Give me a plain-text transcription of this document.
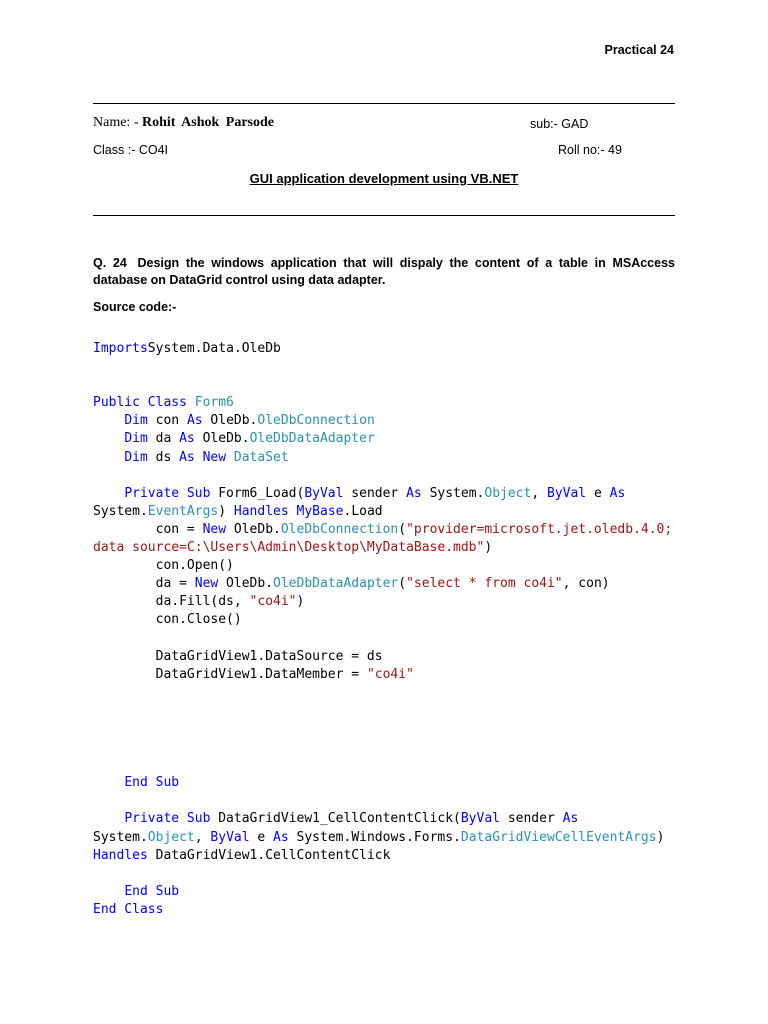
Practical 24
Name: - Rohit Ashok Parsode	sub:- GAD
Class :- CO4I	Roll no:- 49
GUI application development using VB.NET
Q. 24 Design the windows application that will dispaly the content of a table in MSAccess database on DataGrid control using data adapter.
Source code:-
ImportsSystem.Data.OleDb
Public Class Form6
Dim con As OleDb.OleDbConnection
Dim da As OleDb.OleDbDataAdapter
Dim ds As New DataSet
Private Sub Form6_Load(ByVal sender As System.Object, ByVal e As
System.EventArgs) Handles MyBase.Load
con = New OleDb.OleDbConnection("provider=microsoft.jet.oledb.4.0;
data source=C:\Users\Admin\Desktop\MyDataBase.mdb")
con.Open()
da = New OleDb.OleDbDataAdapter("select * from co4i", con)
da.Fill(ds, "co4i")
con.Close()
DataGridView1.DataSource = ds
DataGridView1.DataMember = "co4i"
End Sub
Private Sub DataGridView1_CellContentClick(ByVal sender As
System.Object, ByVal e As System.Windows.Forms.DataGridViewCellEventArgs)
Handles DataGridView1.CellContentClick
End Sub
End Class
